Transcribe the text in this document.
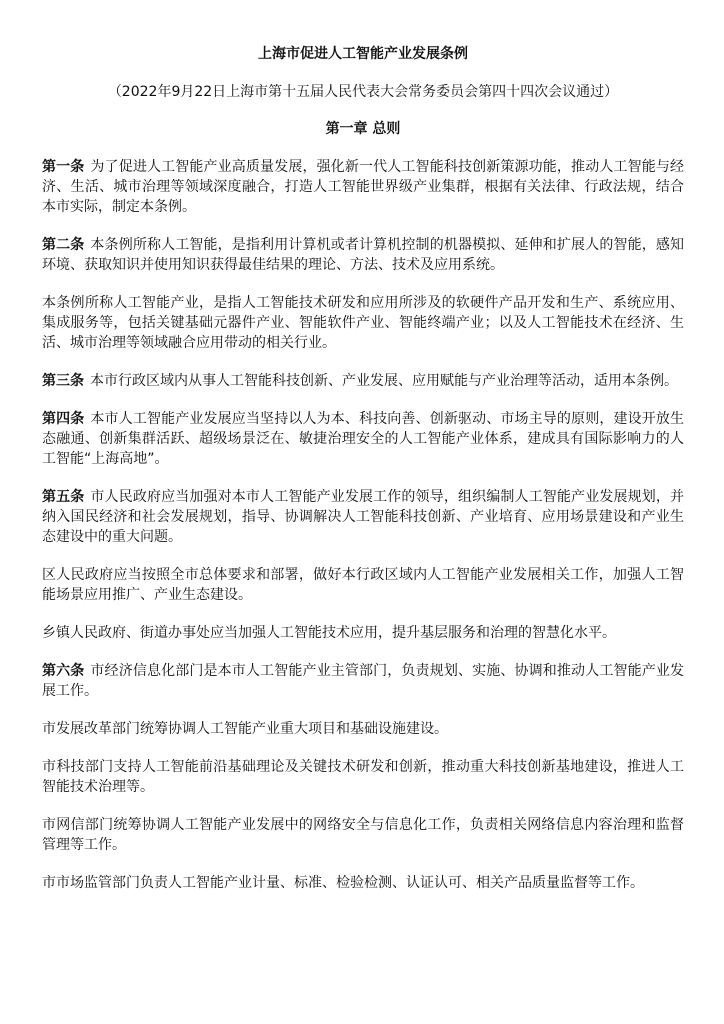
上海市促进人工智能产业发展条例

（2022年9月22日上海市第十五届人民代表大会常务委员会第四十四次会议通过）

第一章 总则

第一条 为了促进人工智能产业高质量发展，强化新一代人工智能科技创新策源功能，推动人工智能与经济、生活、城市治理等领域深度融合，打造人工智能世界级产业集群，根据有关法律、行政法规，结合本市实际，制定本条例。

第二条 本条例所称人工智能，是指利用计算机或者计算机控制的机器模拟、延伸和扩展人的智能，感知环境、获取知识并使用知识获得最佳结果的理论、方法、技术及应用系统。

本条例所称人工智能产业，是指人工智能技术研发和应用所涉及的软硬件产品开发和生产、系统应用、集成服务等，包括关键基础元器件产业、智能软件产业、智能终端产业；以及人工智能技术在经济、生活、城市治理等领域融合应用带动的相关行业。

第三条 本市行政区域内从事人工智能科技创新、产业发展、应用赋能与产业治理等活动，适用本条例。

第四条 本市人工智能产业发展应当坚持以人为本、科技向善、创新驱动、市场主导的原则，建设开放生态融通、创新集群活跃、超级场景泛在、敏捷治理安全的人工智能产业体系，建成具有国际影响力的人工智能“上海高地”。

第五条 市人民政府应当加强对本市人工智能产业发展工作的领导，组织编制人工智能产业发展规划，并纳入国民经济和社会发展规划，指导、协调解决人工智能科技创新、产业培育、应用场景建设和产业生态建设中的重大问题。

区人民政府应当按照全市总体要求和部署，做好本行政区域内人工智能产业发展相关工作，加强人工智能场景应用推广、产业生态建设。

乡镇人民政府、街道办事处应当加强人工智能技术应用，提升基层服务和治理的智慧化水平。

第六条 市经济信息化部门是本市人工智能产业主管部门，负责规划、实施、协调和推动人工智能产业发展工作。

市发展改革部门统筹协调人工智能产业重大项目和基础设施建设。

市科技部门支持人工智能前沿基础理论及关键技术研发和创新，推动重大科技创新基地建设，推进人工智能技术治理等。

市网信部门统筹协调人工智能产业发展中的网络安全与信息化工作，负责相关网络信息内容治理和监督管理等工作。

市市场监管部门负责人工智能产业计量、标准、检验检测、认证认可、相关产品质量监督等工作。
